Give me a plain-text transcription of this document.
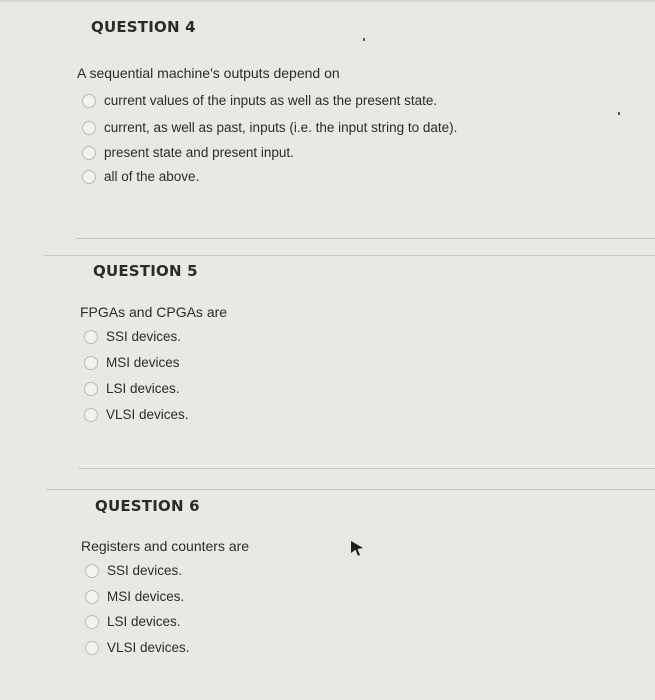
QUESTION 4
A sequential machine's outputs depend on
current values of the inputs as well as the present state.
current, as well as past, inputs (i.e. the input string to date).
present state and present input.
all of the above.
QUESTION 5
FPGAs and CPGAs are
SSI devices.
MSI devices
LSI devices.
VLSI devices.
QUESTION 6
Registers and counters are
SSI devices.
MSI devices.
LSI devices.
VLSI devices.
